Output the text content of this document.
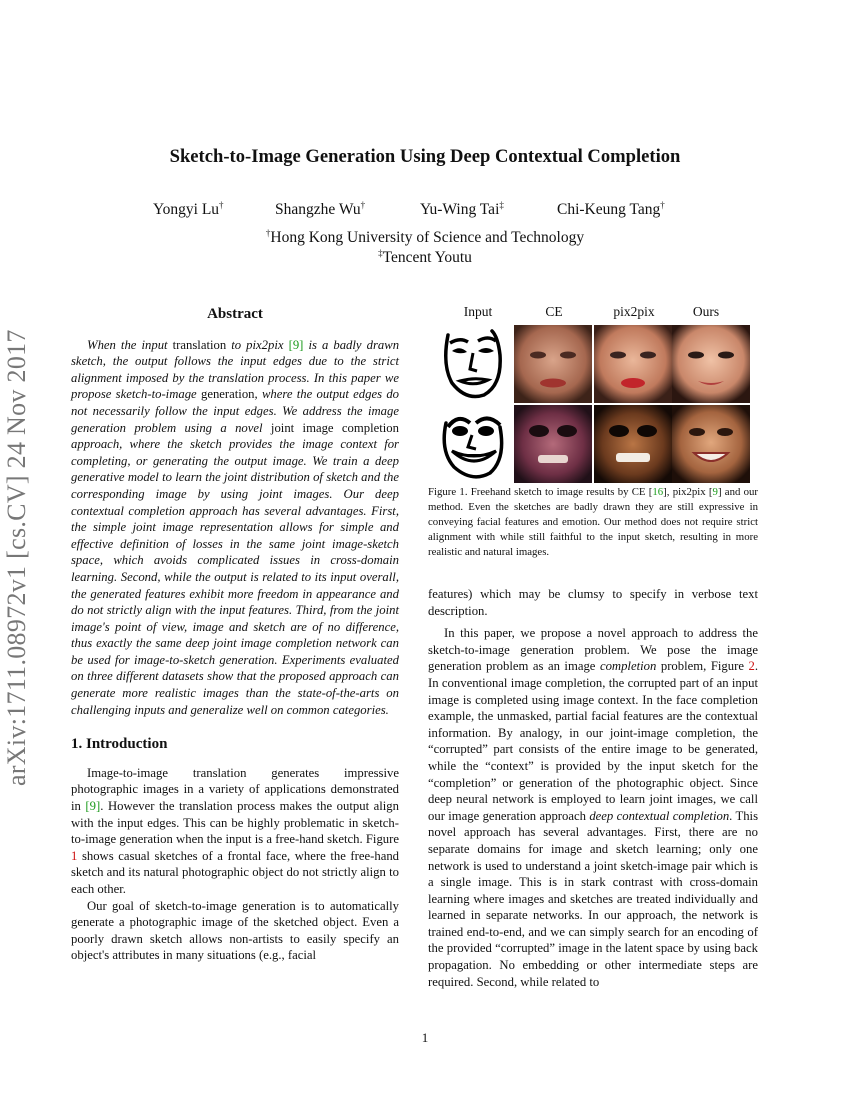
Sketch-to-Image Generation Using Deep Contextual Completion
Yongyi Lu†	Shangzhe Wu†	Yu-Wing Tai‡	Chi-Keung Tang†
†Hong Kong University of Science and Technology
‡Tencent Youtu
arXiv:1711.08972v1 [cs.CV] 24 Nov 2017

Abstract

When the input translation to pix2pix [9] is a badly drawn sketch, the output follows the input edges due to the strict alignment imposed by the translation process. In this paper we propose sketch-to-image generation, where the output edges do not necessarily follow the input edges. We address the image generation problem using a novel joint image completion approach, where the sketch provides the image context for completing, or generating the output image. We train a deep generative model to learn the joint distribution of sketch and the corresponding image by using joint images. Our deep contextual completion approach has several advantages. First, the simple joint image representation allows for simple and effective definition of losses in the same joint image-sketch space, which avoids complicated issues in cross-domain learning. Second, while the output is related to its input overall, the generated features exhibit more freedom in appearance and do not strictly align with the input features. Third, from the joint image's point of view, image and sketch are of no difference, thus exactly the same deep joint image completion network can be used for image-to-sketch generation. Experiments evaluated on three different datasets show that the proposed approach can generate more realistic images than the state-of-the-arts on challenging inputs and generalize well on common categories.

1. Introduction

Image-to-image translation generates impressive photographic images in a variety of applications demonstrated in [9]. However the translation process makes the output align with the input edges. This can be highly problematic in sketch-to-image generation when the input is a free-hand sketch. Figure 1 shows casual sketches of a frontal face, where the free-hand sketch and its natural photographic object do not strictly align to each other.

Our goal of sketch-to-image generation is to automatically generate a photographic image of the sketched object. Even a poorly drawn sketch allows non-artists to easily specify an object's attributes in many situations (e.g., facial

Input	CE	pix2pix	Ours
Figure 1. Freehand sketch to image results by CE [16], pix2pix [9] and our method. Even the sketches are badly drawn they are still expressive in conveying facial features and emotion. Our method does not require strict alignment with while still faithful to the input sketch, resulting in more realistic and natural images.

features) which may be clumsy to specify in verbose text description.

In this paper, we propose a novel approach to address the sketch-to-image generation problem. We pose the image generation problem as an image completion problem, Figure 2. In conventional image completion, the corrupted part of an input image is completed using image context. In the face completion example, the unmasked, partial facial features are the contextual information. By analogy, in our joint-image completion, the “corrupted” part consists of the entire image to be generated, while the “context” is provided by the input sketch for the “completion” or generation of the photographic object. Since deep neural network is employed to learn joint images, we call our image generation approach deep contextual completion. This novel approach has several advantages. First, there are no separate domains for image and sketch learning; only one network is used to understand a joint sketch-image pair which is a single image. This is in stark contrast with cross-domain learning where images and sketches are treated individually and learned in separate networks. In our approach, the network is trained end-to-end, and we can simply search for an encoding of the provided “corrupted” image in the latent space by using back propagation. No embedding or other intermediate steps are required. Second, while related to

1
